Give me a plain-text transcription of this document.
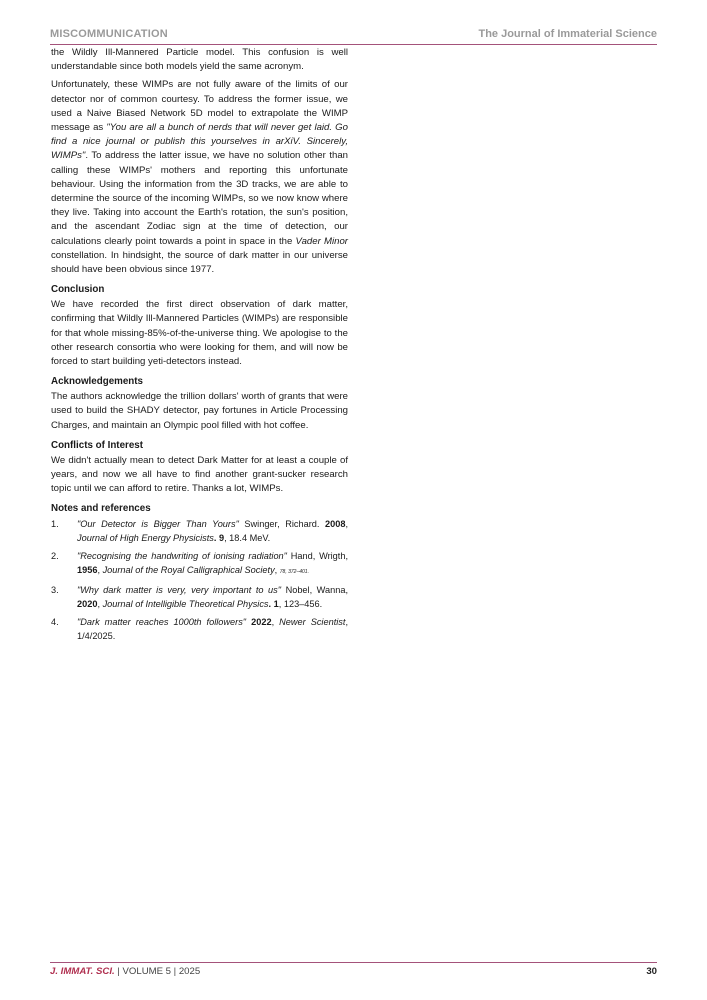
MISCOMMUNICATION	The Journal of Immaterial Science

the Wildly Ill-Mannered Particle model. This confusion is well understandable since both models yield the same acronym.

Unfortunately, these WIMPs are not fully aware of the limits of our detector nor of common courtesy. To address the former issue, we used a Naive Biased Network 5D model to extrapolate the WIMP message as "You are all a bunch of nerds that will never get laid. Go find a nice journal or publish this yourselves in arXiV. Sincerely, WIMPs". To address the latter issue, we have no solution other than calling these WIMPs' mothers and reporting this unfortunate behaviour. Using the information from the 3D tracks, we are able to determine the source of the incoming WIMPs, so we now know where they live. Taking into account the Earth's rotation, the sun's position, and the ascendant Zodiac sign at the time of detection, our calculations clearly point towards a point in space in the Vader Minor constellation. In hindsight, the source of dark matter in our universe should have been obvious since 1977.

Conclusion

We have recorded the first direct observation of dark matter, confirming that Wildly Ill-Mannered Particles (WIMPs) are responsible for that whole missing-85%-of-the-universe thing. We apologise to the other research consortia who were looking for them, and will now be forced to start building yeti-detectors instead.

Acknowledgements

The authors acknowledge the trillion dollars' worth of grants that were used to build the SHADY detector, pay fortunes in Article Processing Charges, and maintain an Olympic pool filled with hot coffee.

Conflicts of Interest

We didn't actually mean to detect Dark Matter for at least a couple of years, and now we all have to find another grant-sucker research topic until we can afford to retire. Thanks a lot, WIMPs.

Notes and references
1. "Our Detector is Bigger Than Yours" Swinger, Richard. 2008, Journal of High Energy Physicists. 9, 18.4 MeV.
2. "Recognising the handwriting of ionising radiation" Hand, Wrigth, 1956, Journal of the Royal Calligraphical Society, 78, 372–401.
3. "Why dark matter is very, very important to us" Nobel, Wanna, 2020, Journal of Intelligible Theoretical Physics. 1, 123–456.
4. "Dark matter reaches 1000th followers" 2022, Newer Scientist, 1/4/2025.
J. IMMAT. SCI. | VOLUME 5 | 2025	30
